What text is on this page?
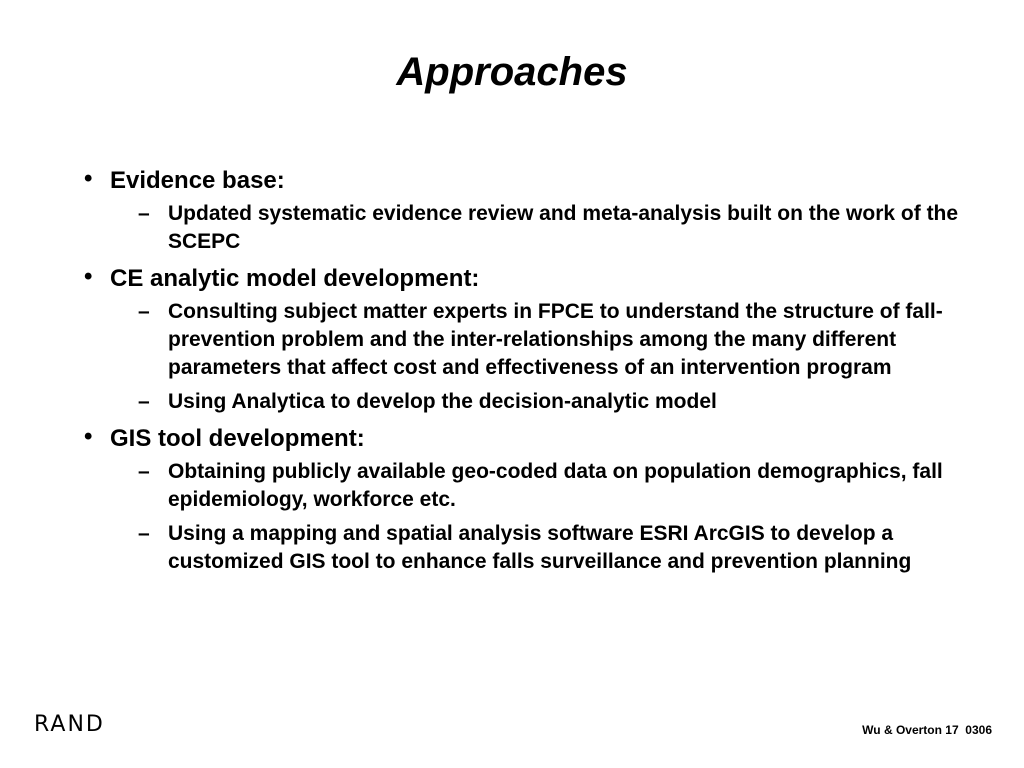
Approaches
• Evidence base:
– Updated systematic evidence review and meta-analysis built on the work of the SCEPC
• CE analytic model development:
– Consulting subject matter experts in FPCE to understand the structure of fall-prevention problem and the inter-relationships among the many different parameters that affect cost and effectiveness of an intervention program
– Using Analytica to develop the decision-analytic model
• GIS tool development:
– Obtaining publicly available geo-coded data on population demographics, fall epidemiology, workforce etc.
– Using a mapping and spatial analysis software ESRI ArcGIS to develop a customized GIS tool to enhance falls surveillance and prevention planning
RAND	Wu & Overton 17  0306
